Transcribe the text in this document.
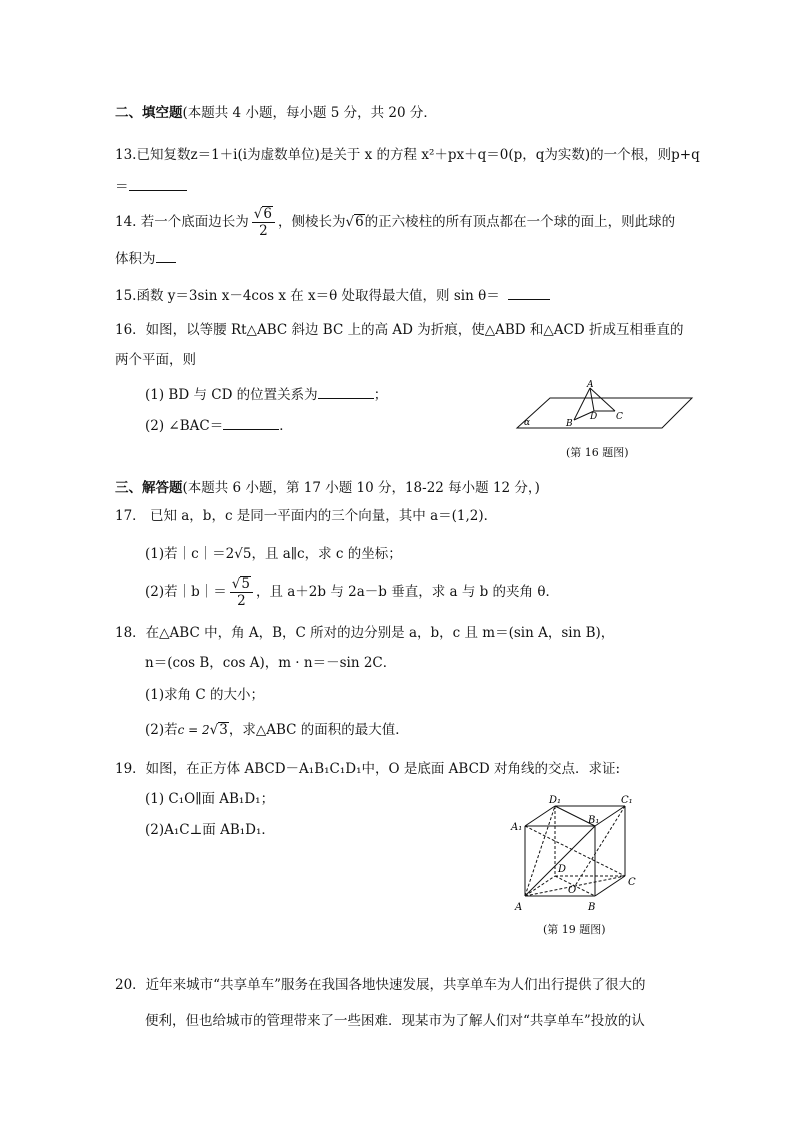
二、填空题(本题共 4 小题，每小题 5 分，共 20 分．
13.已知复数z＝1＋i(i为虚数单位)是关于 x 的方程 x²＋px＋q＝0(p，q为实数)的一个根，则p+q
＝
14. 若一个底面边长为 $\frac{√6}{2}$ ，侧棱长为√6的正六棱柱的所有顶点都在一个球的面上，则此球的
体积为
15.函数 y＝3sin x－4cos x 在 x＝θ 处取得最大值，则 sin θ＝
16．如图，以等腰 Rt△ABC 斜边 BC 上的高 AD 为折痕，使△ABD 和△ACD 折成互相垂直的
两个平面，则
(1) BD 与 CD 的位置关系为	；
(2) ∠BAC＝	．
A
B
C
D
α
(第 16 题图)
三、解答题(本题共 6 小题，第 17 小题 10 分，18-22 每小题 12 分，)
17． 已知 a，b，c 是同一平面内的三个向量，其中 a＝(1,2)．
(1)若｜c｜＝2√5，且 a∥c，求 c 的坐标；
(2)若｜b｜＝ $\frac{√5}{2}$ ，且 a＋2b 与 2a－b 垂直，求 a 与 b 的夹角 θ．
18．在△ABC 中，角 A，B，C 所对的边分别是 a，b，c 且 m＝(sin A，sin B)，
n＝(cos B，cos A)，m · n＝－sin 2C．
(1)求角 C 的大小；
(2)若c = 2√3，求△ABC 的面积的最大值．
19．如图，在正方体 ABCD－A₁B₁C₁D₁中，O 是底面 ABCD 对角线的交点．求证:
(1) C₁O∥面 AB₁D₁；
(2)A₁C⊥面 AB₁D₁．
A	B
C
D
O
A₁
B₁
C₁
D₁
(第 19 题图)
20．近年来城市“共享单车”服务在我国各地快速发展，共享单车为人们出行提供了很大的
便利，但也给城市的管理带来了一些困难．现某市为了解人们对“共享单车”投放的认
